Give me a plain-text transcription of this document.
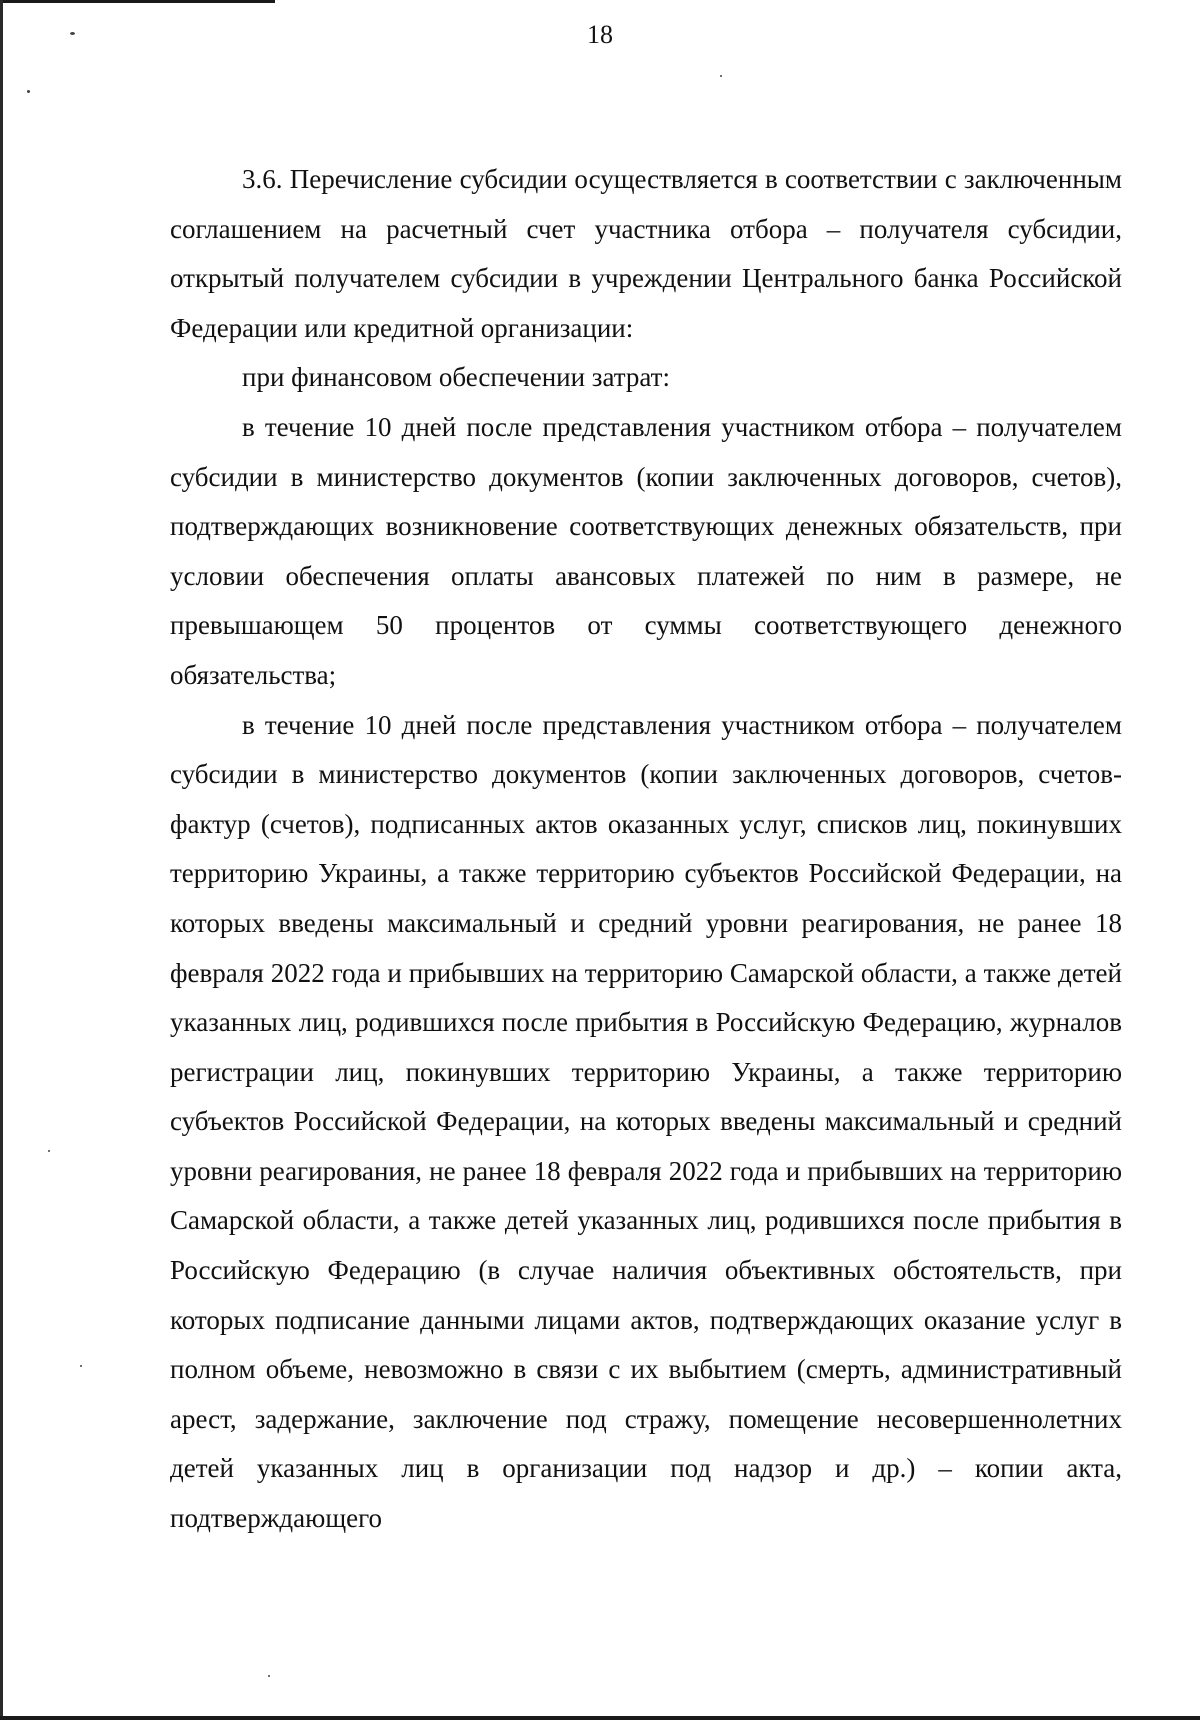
18

3.6. Перечисление субсидии осуществляется в соответствии с заключенным соглашением на расчетный счет участника отбора – получателя субсидии, открытый получателем субсидии в учреждении Центрального банка Российской Федерации или кредитной организации:

при финансовом обеспечении затрат:

в течение 10 дней после представления участником отбора – получателем субсидии в министерство документов (копии заключенных договоров, счетов), подтверждающих возникновение соответствующих денежных обязательств, при условии обеспечения оплаты авансовых платежей по ним в размере, не превышающем 50 процентов от суммы соответствующего денежного обязательства;

в течение 10 дней после представления участником отбора – получателем субсидии в министерство документов (копии заключенных договоров, счетов-фактур (счетов), подписанных актов оказанных услуг, списков лиц, покинувших территорию Украины, а также территорию субъектов Российской Федерации, на которых введены максимальный и средний уровни реагирования, не ранее 18 февраля 2022 года и прибывших на территорию Самарской области, а также детей указанных лиц, родившихся после прибытия в Российскую Федерацию, журналов регистрации лиц, покинувших территорию Украины, а также территорию субъектов Российской Федерации, на которых введены максимальный и средний уровни реагирования, не ранее 18 февраля 2022 года и прибывших на территорию Самарской области, а также детей указанных лиц, родившихся после прибытия в Российскую Федерацию (в случае наличия объективных обстоятельств, при которых подписание данными лицами актов, подтверждающих оказание услуг в полном объеме, невозможно в связи с их выбытием (смерть, административный арест, задержание, заключение под стражу, помещение несовершеннолетних детей указанных лиц в организации под надзор и др.) – копии акта, подтверждающего
